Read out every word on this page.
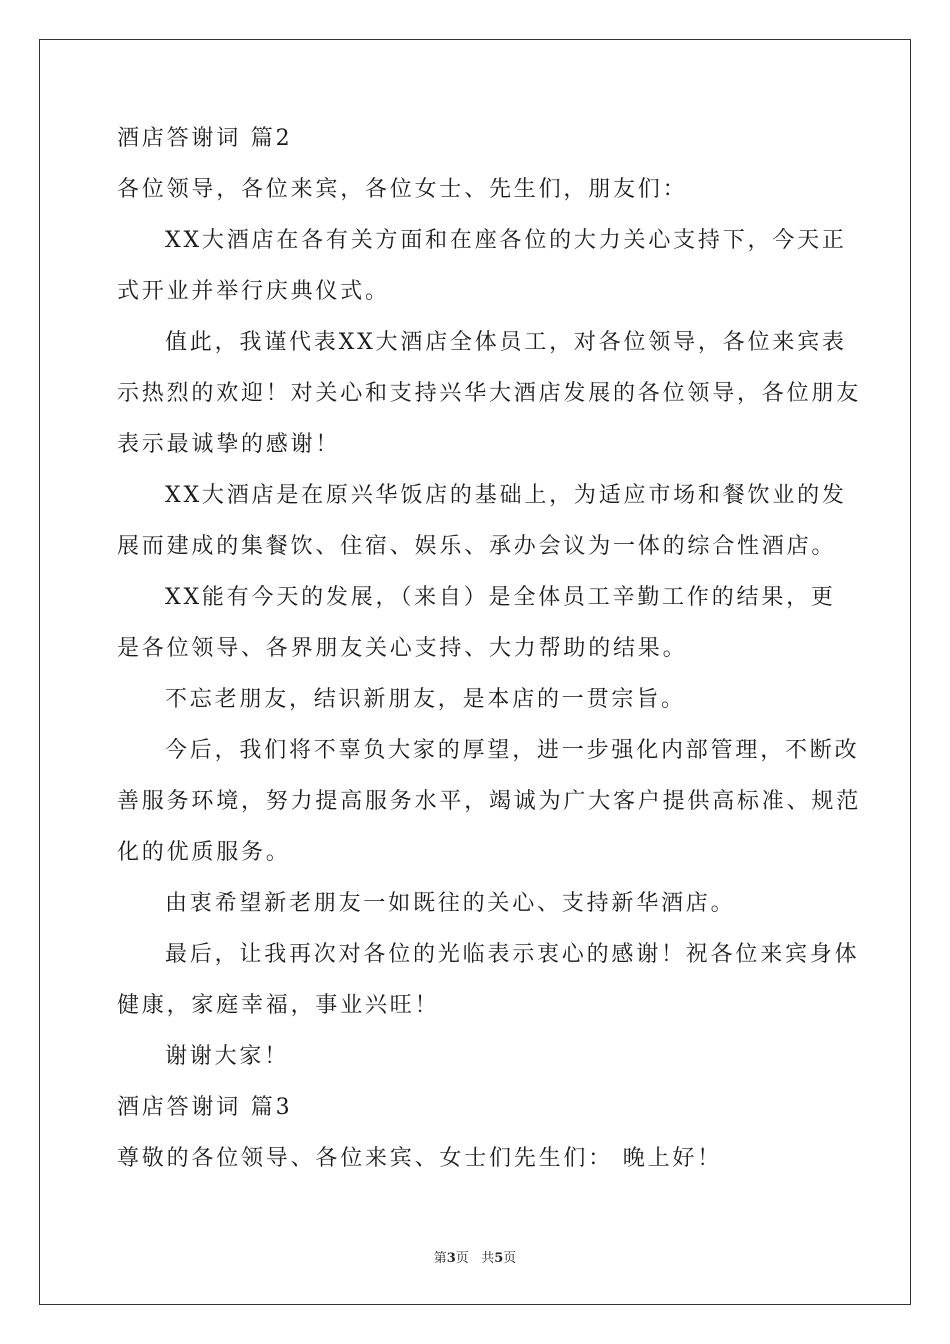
酒店答谢词 篇2
各位领导，各位来宾，各位女士、先生们，朋友们：
XX大酒店在各有关方面和在座各位的大力关心支持下，今天正
式开业并举行庆典仪式。
值此，我谨代表XX大酒店全体员工，对各位领导，各位来宾表
示热烈的欢迎！对关心和支持兴华大酒店发展的各位领导，各位朋友
表示最诚挚的感谢！
XX大酒店是在原兴华饭店的基础上，为适应市场和餐饮业的发
展而建成的集餐饮、住宿、娱乐、承办会议为一体的综合性酒店。
XX能有今天的发展，（来自）是全体员工辛勤工作的结果，更
是各位领导、各界朋友关心支持、大力帮助的结果。
不忘老朋友，结识新朋友，是本店的一贯宗旨。
今后，我们将不辜负大家的厚望，进一步强化内部管理，不断改
善服务环境，努力提高服务水平，竭诚为广大客户提供高标准、规范
化的优质服务。
由衷希望新老朋友一如既往的关心、支持新华酒店。
最后，让我再次对各位的光临表示衷心的感谢！祝各位来宾身体
健康，家庭幸福，事业兴旺！
谢谢大家！
酒店答谢词 篇3
尊敬的各位领导、各位来宾、女士们先生们： 晚上好！
第3页 共5页
